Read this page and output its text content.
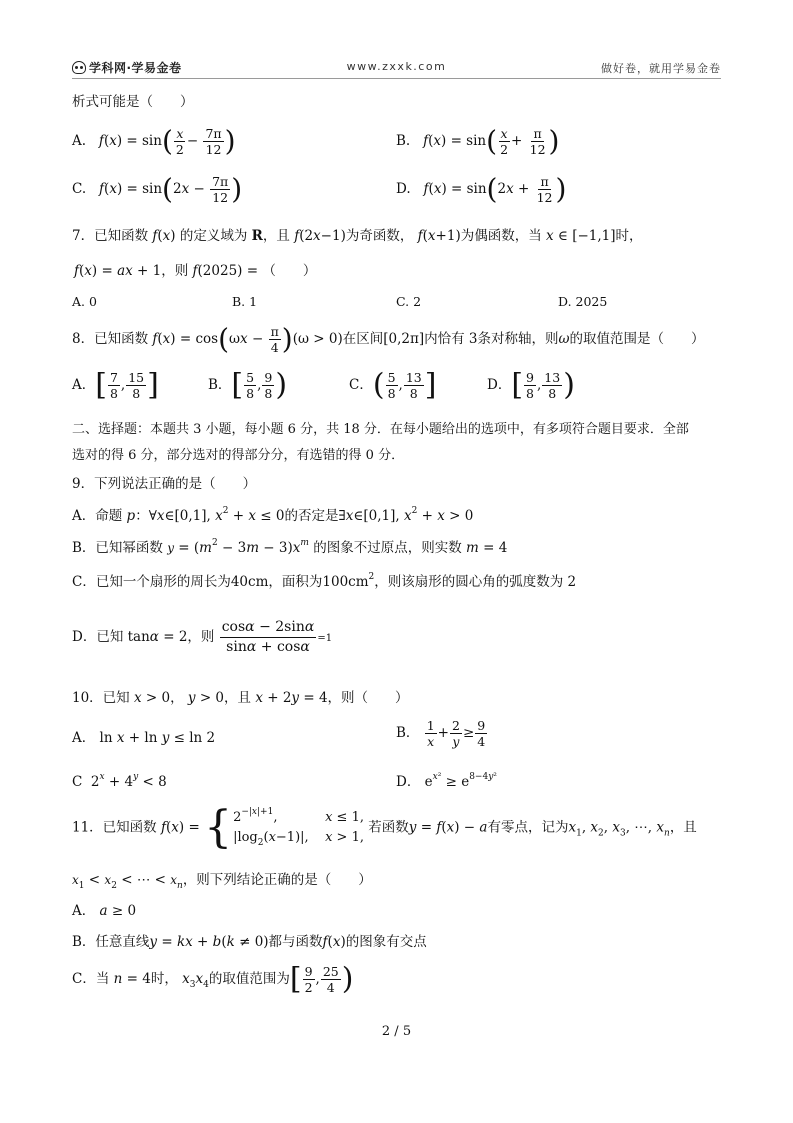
学科网·学易金卷	www.zxxk.com	做好卷，就用学易金卷
析式可能是（　　）
A.   $f(x) = \sin( \frac{x}{2} - \frac{7\pi}{12}$ )	B.   $f(x) = \sin( \frac{x}{2} + \frac{\pi}{12}$ )
C.   $f(x) = \sin(2x - \frac{7\pi}{12}$ )	D.   $f(x) = \sin(2x + \frac{\pi}{12}$ )
7．已知函数 f(x) 的定义域为 R，且 f(2x−1)为奇函数， f(x+1)为偶函数，当 x ∈ [−1,1]时，
f(x) = ax + 1，则 f(2025) = （　　）
A. 0	B. 1	C. 2	D. 2025
8．已知函数 $f(x) = \cos(\omega x - \frac{\pi}{4} )(\omega > 0)$在区间[0,2π]内恰有 3条对称轴，则ω的取值范围是（　　）
A．[ $\frac{7}{8}$ , $\frac{15}{8}$ ]	B．[ $\frac{5}{8}$ , $\frac{9}{8}$ )	C．( $\frac{5}{8}$ , $\frac{13}{8}$ ]	D．[ $\frac{9}{8}$ , $\frac{13}{8}$ )
二、选择题：本题共 3 小题，每小题 6 分，共 18 分．在每小题给出的选项中，有多项符合题目要求．全部
选对的得 6 分，部分选对的得部分分，有选错的得 0 分．
9．下列说法正确的是（　　）
A．命题 p：∀x∈[0,1], $x^2 + x \le 0$的否定是∃x∈[0,1], $x^2 + x > 0$
B．已知幂函数 $y = (m^2 - 3m - 3)x^m$ 的图象不过原点，则实数 m = 4
C．已知一个扇形的周长为40cm，面积为$100cm^2$，则该扇形的圆心角的弧度数为 2
D．已知 tanα = 2，则 $\frac{\cos\alpha - 2\sin\alpha}{\sin\alpha + \cos\alpha} =1$
10．已知 x > 0， y > 0，且 x + 2y = 4，则（　　）
A． ln x + ln y ≤ ln 2	B． $\frac{1}{x} + \frac{2}{y} \ge \frac{9}{4}$
C  $2^x + 4^y < 8$	D． $e^{x^2} \ge e^{8-4y^2}$
11．已知函数 f(x) = { $2^{-|x|+1}$,	x ≤ 1,
$|\log_2(x-1)|$,	x > 1,
若函数y = f(x) − a有零点，记为$x_1$, $x_2$, $x_3$, ⋯, $x_n$，且
$x_1 < x_2$ < ⋯ < $x_n$，则下列结论正确的是（　　）
A． a ≥ 0
B．任意直线y = kx + b(k ≠ 0)都与函数f(x)的图象有交点
C．当 n = 4时， $x_3x_4$的取值范围为[ $\frac{9}{2}$ , $\frac{25}{4}$ )
2 / 5
